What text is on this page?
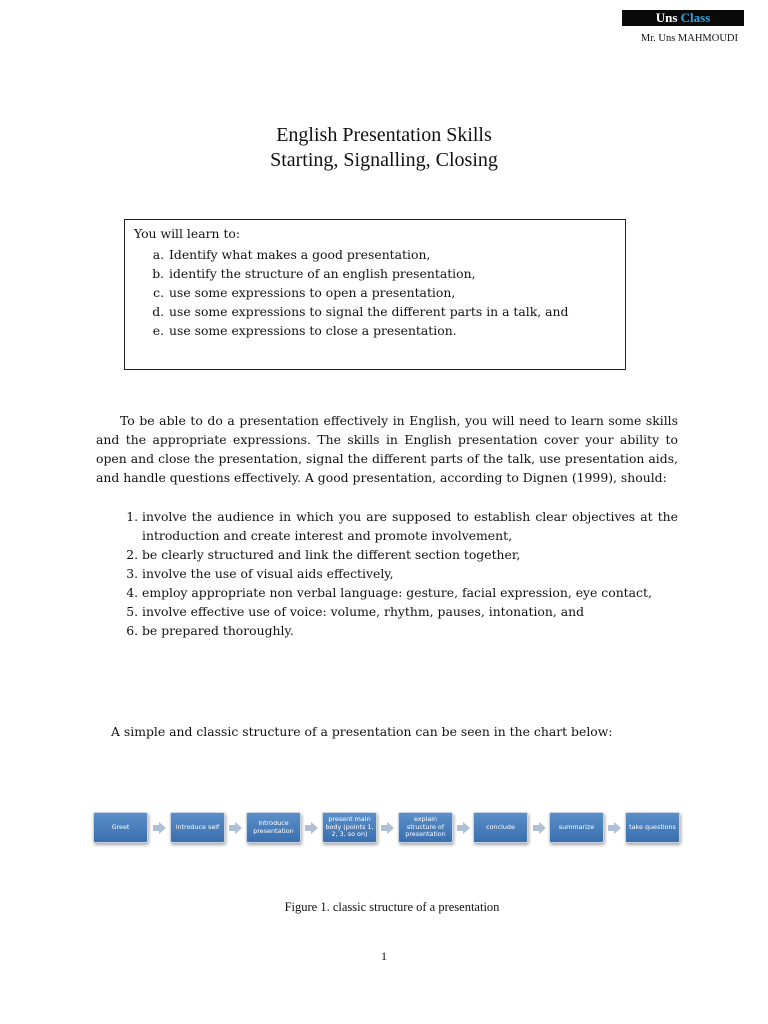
Uns Class
Mr. Uns MAHMOUDI
English Presentation Skills
Starting, Signalling, Closing
You will learn to:
a. Identify what makes a good presentation,
b. identify the structure of an english presentation,
c. use some expressions to open a presentation,
d. use some expressions to signal the different parts in a talk, and
e. use some expressions to close a presentation.

To be able to do a presentation effectively in English, you will need to learn some skills and the appropriate expressions. The skills in English presentation cover your ability to open and close the presentation, signal the different parts of the talk, use presentation aids, and handle questions effectively. A good presentation, according to Dignen (1999), should:

1. involve the audience in which you are supposed to establish clear objectives at the introduction and create interest and promote involvement,
2. be clearly structured and link the different section together,
3. involve the use of visual aids effectively,
4. employ appropriate non verbal language: gesture, facial expression, eye contact,
5. involve effective use of voice: volume, rhythm, pauses, intonation, and
6. be prepared thoroughly.

A simple and classic structure of a presentation can be seen in the chart below:

Greet	introduce self	introduce presentation
present main body (points 1, 2, 3, so on)
explain structure of presentation
conclude	summarize	take questions
Figure 1. classic structure of a presentation
1
